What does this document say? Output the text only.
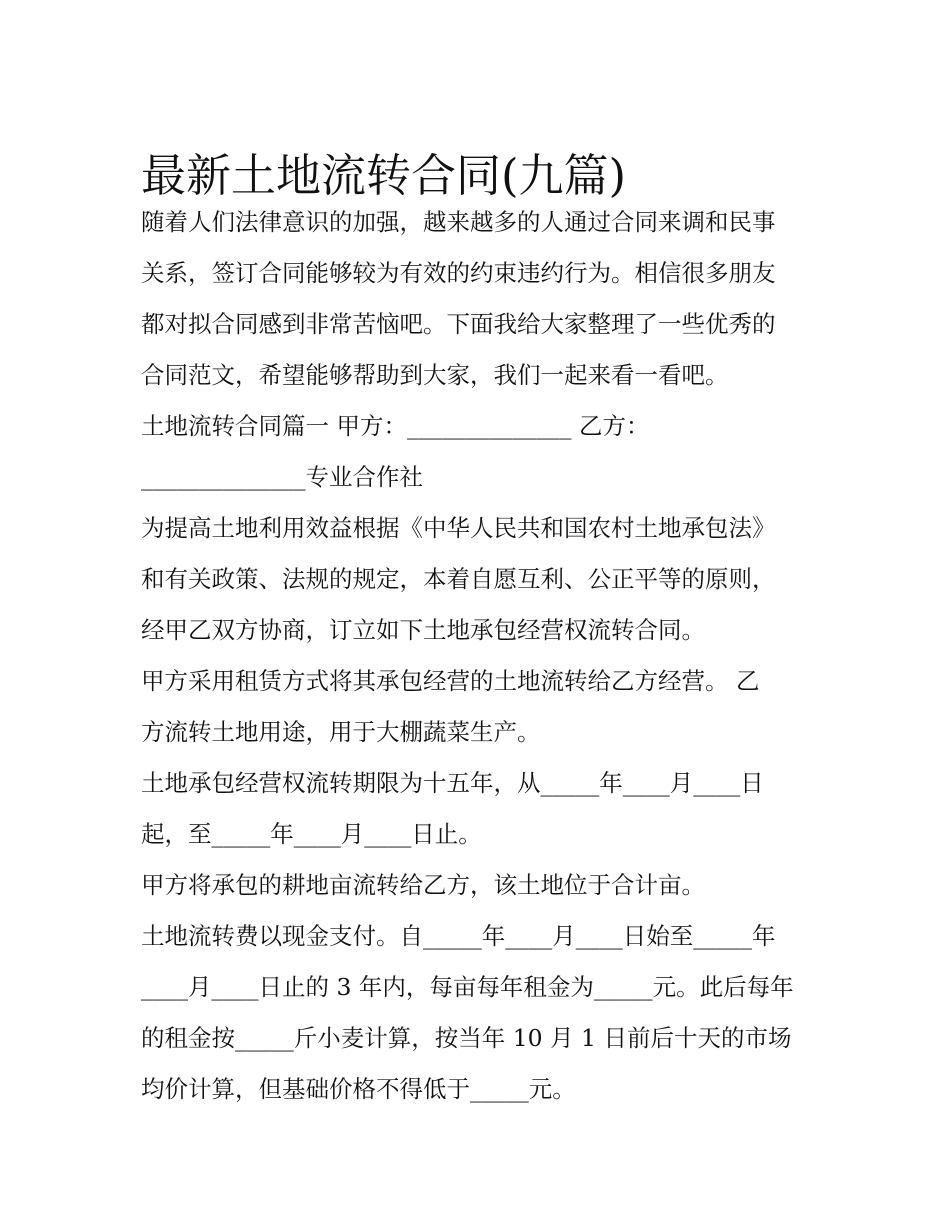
最新土地流转合同(九篇)
随着人们法律意识的加强，越来越多的人通过合同来调和民事
关系，签订合同能够较为有效的约束违约行为。相信很多朋友
都对拟合同感到非常苦恼吧。下面我给大家整理了一些优秀的
合同范文，希望能够帮助到大家，我们一起来看一看吧。
土地流转合同篇一 甲方：______________ 乙方：
______________专业合作社
为提高土地利用效益根据《中华人民共和国农村土地承包法》
和有关政策、法规的规定，本着自愿互利、公正平等的原则，
经甲乙双方协商，订立如下土地承包经营权流转合同。
甲方采用租赁方式将其承包经营的土地流转给乙方经营。 乙
方流转土地用途，用于大棚蔬菜生产。
土地承包经营权流转期限为十五年，从_____年____月____日
起，至_____年____月____日止。
甲方将承包的耕地亩流转给乙方，该土地位于合计亩。
土地流转费以现金支付。自_____年____月____日始至_____年
____月____日止的 3 年内，每亩每年租金为_____元。此后每年
的租金按_____斤小麦计算，按当年 10 月 1 日前后十天的市场
均价计算，但基础价格不得低于_____元。
